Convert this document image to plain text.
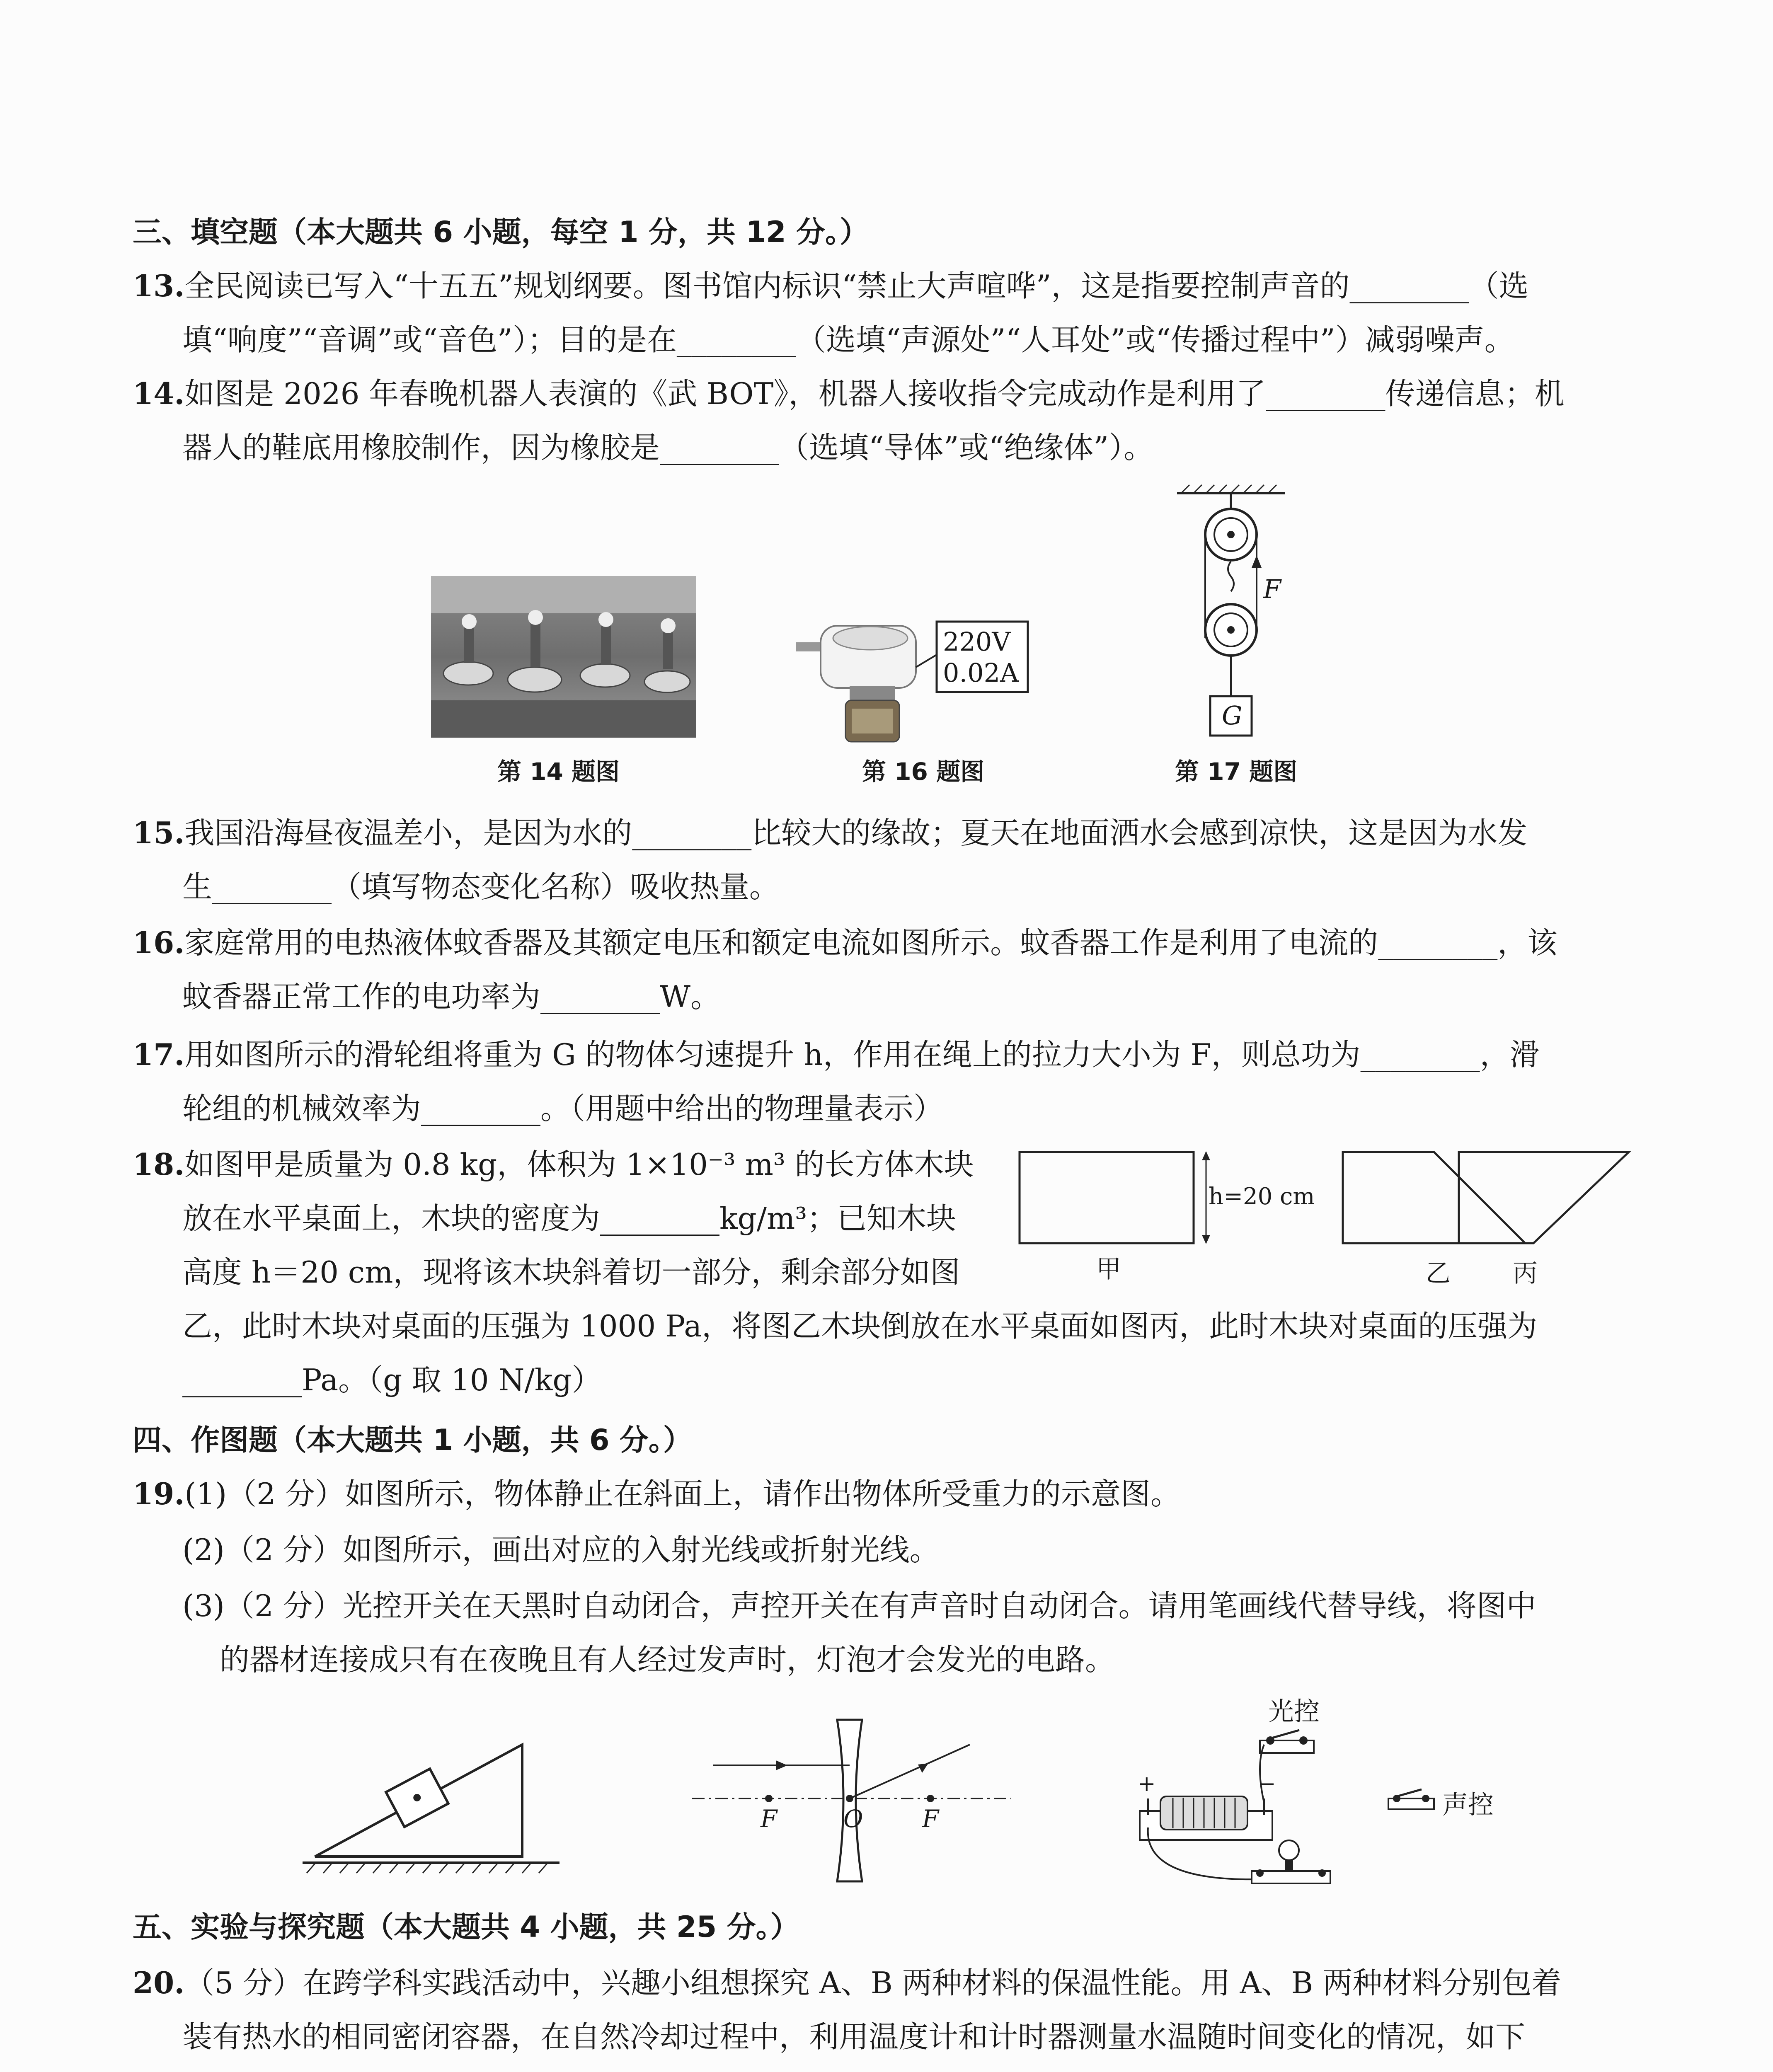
三、填空题（本大题共 6 小题，每空 1 分，共 12 分。）
13.全民阅读已写入“十五五”规划纲要。图书馆内标识“禁止大声喧哗”，这是指要控制声音的________（选
填“响度”“音调”或“音色”）；目的是在________（选填“声源处”“人耳处”或“传播过程中”）减弱噪声。
14.如图是 2026 年春晚机器人表演的《武 BOT》，机器人接收指令完成动作是利用了________传递信息；机
器人的鞋底用橡胶制作，因为橡胶是________（选填“导体”或“绝缘体”）。
第 14 题图
220V
0.02A
第 16 题图
F
G
第 17 题图
15.我国沿海昼夜温差小，是因为水的________比较大的缘故；夏天在地面洒水会感到凉快，这是因为水发
生________（填写物态变化名称）吸收热量。
16.家庭常用的电热液体蚊香器及其额定电压和额定电流如图所示。蚊香器工作是利用了电流的________，该
蚊香器正常工作的电功率为________W。
17.用如图所示的滑轮组将重为 G 的物体匀速提升 h，作用在绳上的拉力大小为 F，则总功为________，滑
轮组的机械效率为________。（用题中给出的物理量表示）
18.如图甲是质量为 0.8 kg，体积为 1×10⁻³ m³ 的长方体木块
放在水平桌面上，木块的密度为________kg/m³；已知木块
高度 h＝20 cm，现将该木块斜着切一部分，剩余部分如图
乙，此时木块对桌面的压强为 1000 Pa，将图乙木块倒放在水平桌面如图丙，此时木块对桌面的压强为
________Pa。（g 取 10 N/kg）
h=20 cm
甲	乙	丙
四、作图题（本大题共 1 小题，共 6 分。）
19.(1)（2 分）如图所示，物体静止在斜面上，请作出物体所受重力的示意图。
(2)（2 分）如图所示，画出对应的入射光线或折射光线。
(3)（2 分）光控开关在天黑时自动闭合，声控开关在有声音时自动闭合。请用笔画线代替导线，将图中
的器材连接成只有在夜晚且有人经过发声时，灯泡才会发光的电路。
F	O F
光控
声控
+	−
五、实验与探究题（本大题共 4 小题，共 25 分。）
20.（5 分）在跨学科实践活动中，兴趣小组想探究 A、B 两种材料的保温性能。用 A、B 两种材料分别包着
装有热水的相同密闭容器，在自然冷却过程中，利用温度计和计时器测量水温随时间变化的情况，如下
